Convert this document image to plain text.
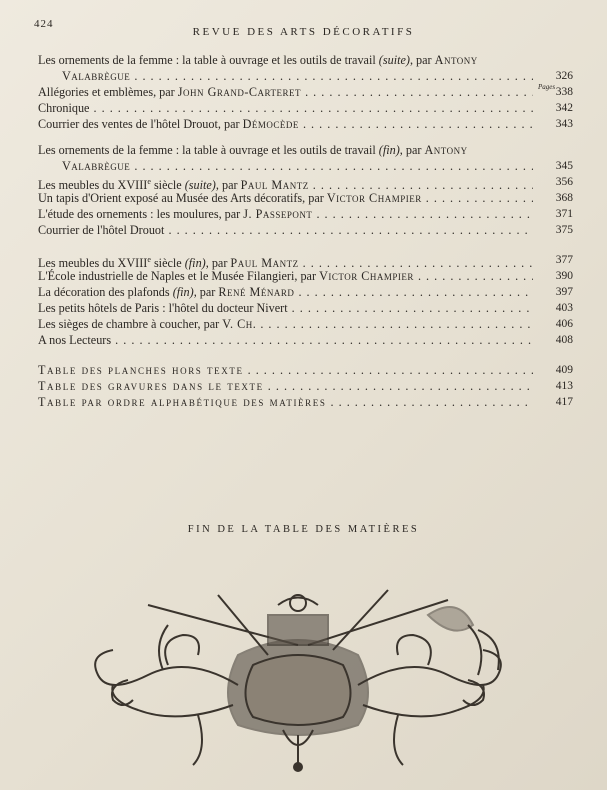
424
REVUE DES ARTS DÉCORATIFS
Pages
Les ornements de la femme : la table à ouvrage et les outils de travail (suite), par Antony
Valabrègue . . .	326
Allégories et emblèmes, par John Grand-Carteret . . .	338
Chronique . . .	342
Courrier des ventes de l'hôtel Drouot, par Démocède . . .	343
Les ornements de la femme : la table à ouvrage et les outils de travail (fin), par Antony
Valabrègue . . .	345
Les meubles du XVIIIe siècle (suite), par Paul Mantz . . .	356
Un tapis d'Orient exposé au Musée des Arts décoratifs, par Victor Champier . . .	368
L'étude des ornements : les moulures, par J. Passepont . . .	371
Courrier de l'hôtel Drouot . . .	375
Les meubles du XVIIIe siècle (fin), par Paul Mantz . . .	377
L'École industrielle de Naples et le Musée Filangieri, par Victor Champier . . .	390
La décoration des plafonds (fin), par René Ménard . . .	397
Les petits hôtels de Paris : l'hôtel du docteur Nivert . . .	403
Les sièges de chambre à coucher, par V. Ch. . . .	406
A nos Lecteurs . . .	408
Table des planches hors texte . . .	409
Table des gravures dans le texte . . .	413
Table par ordre alphabétique des matières . . .	417
FIN DE LA TABLE DES MATIÈRES
